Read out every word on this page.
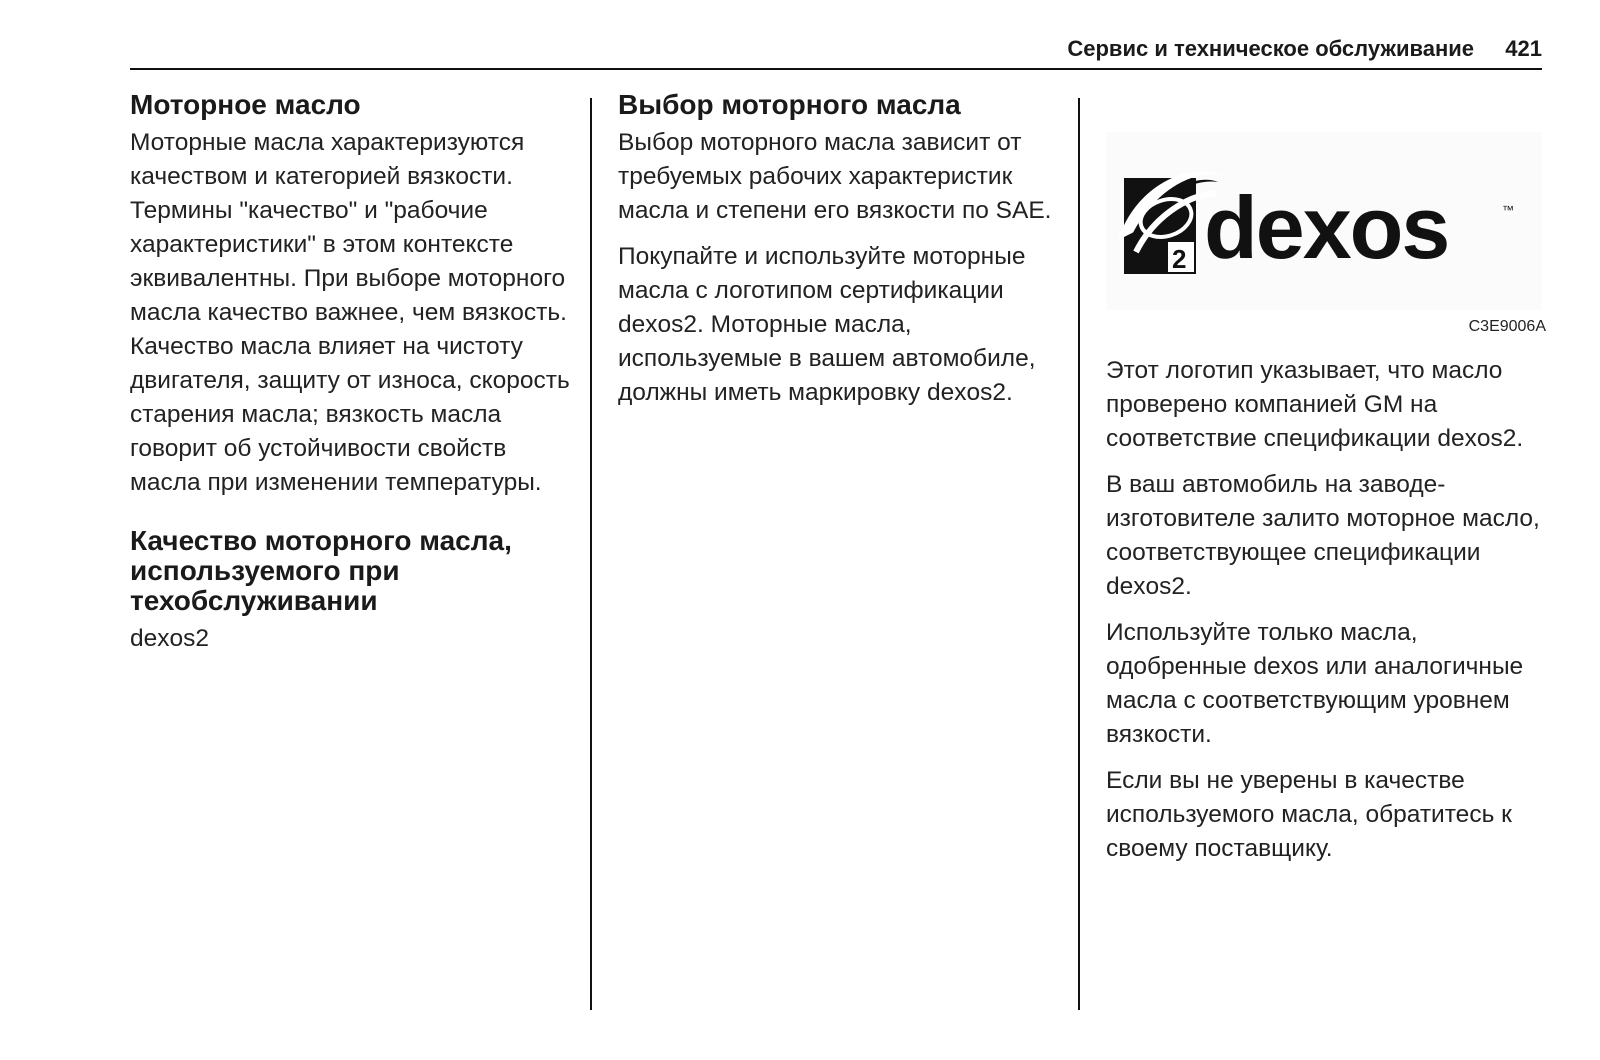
Сервис и техническое обслуживание 421
Моторное масло

Моторные масла характеризуются качеством и категорией вязкости. Термины "качество" и "рабочие характеристики" в этом контексте эквивалентны. При выборе моторного масла качество важнее, чем вязкость. Качество масла влияет на чистоту двигателя, защиту от износа, скорость старения масла; вязкость масла говорит об устойчивости свойств масла при изменении температуры.

Качество моторного масла, используемого при техобслуживании

dexos2

Выбор моторного масла

Выбор моторного масла зависит от требуемых рабочих характеристик масла и степени его вязкости по SAE.

Покупайте и используйте моторные масла с логотипом сертификации dexos2. Моторные масла, используемые в вашем автомобиле, должны иметь маркировку dexos2.

2 dexos	™
C3E9006A

Этот логотип указывает, что масло проверено компанией GM на соответствие спецификации dexos2.

В ваш автомобиль на заводе-изготовителе залито моторное масло, соответствующее спецификации dexos2.

Используйте только масла, одобренные dexos или аналогичные масла с соответствующим уровнем вязкости.

Если вы не уверены в качестве используемого масла, обратитесь к своему поставщику.
